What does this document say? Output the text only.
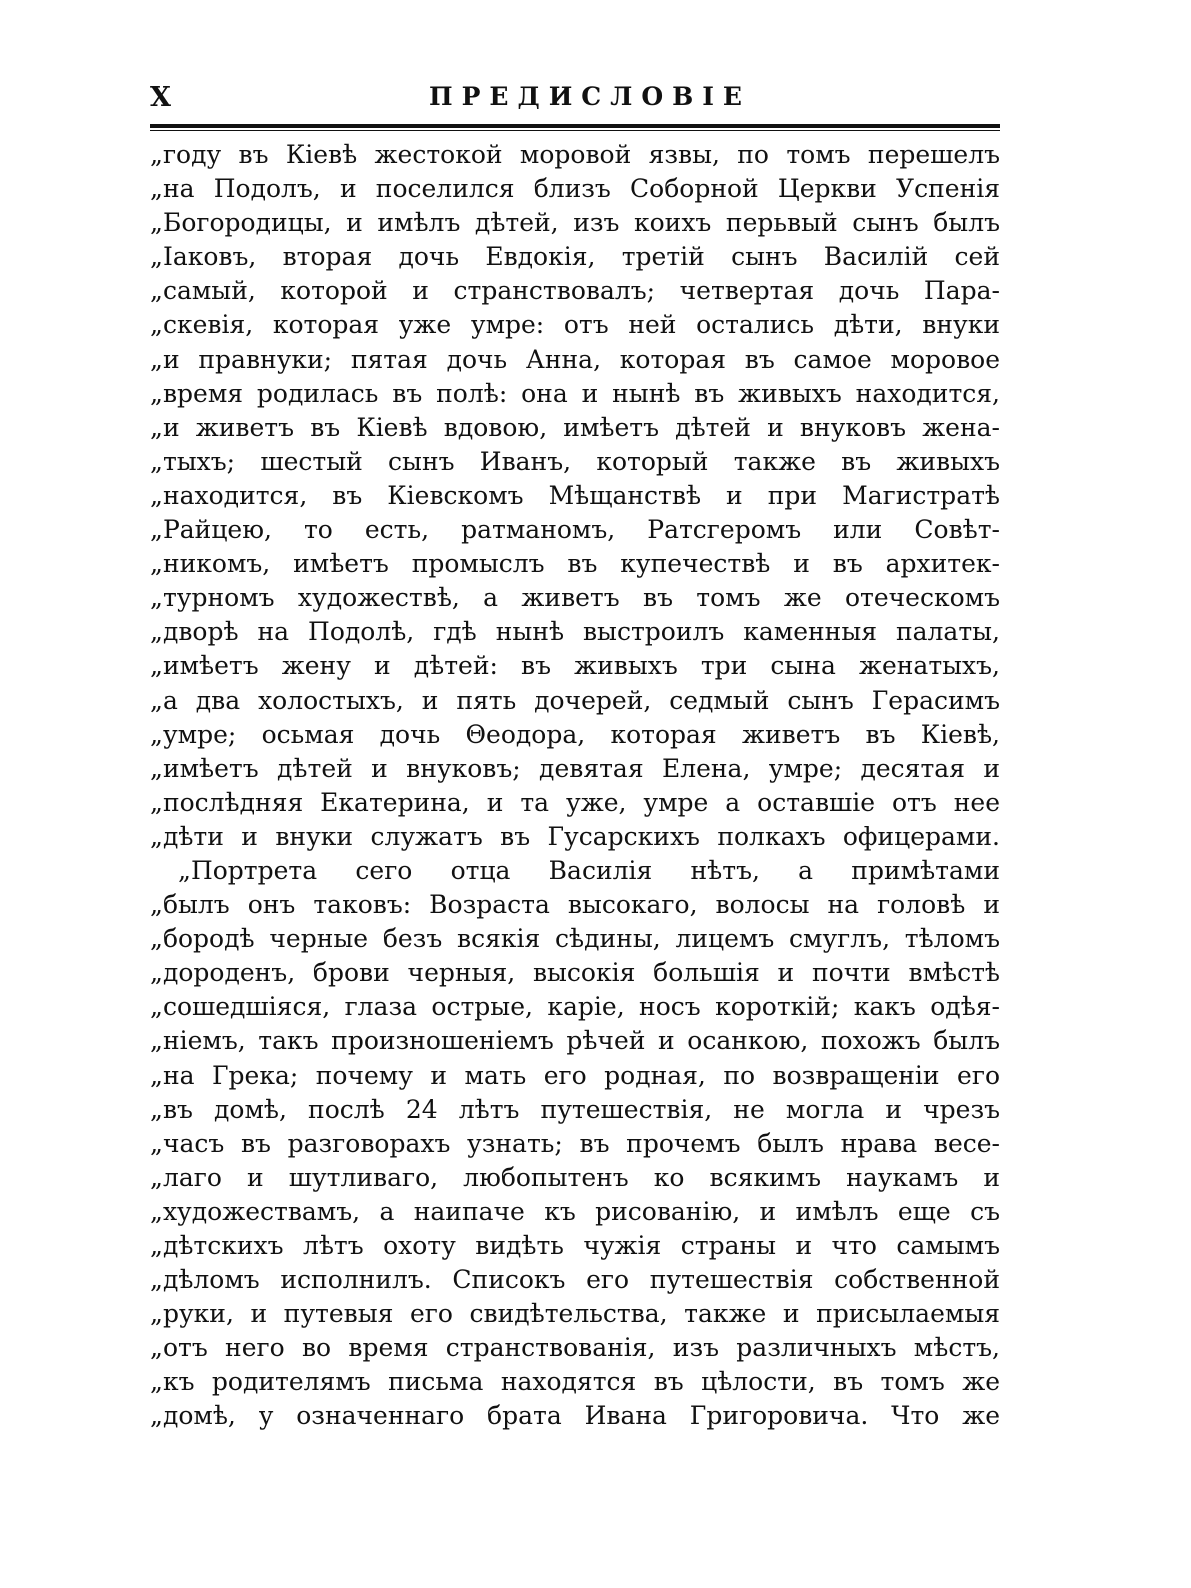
X	ПРЕДИСЛОВІЕ
„году въ Кіевѣ жестокой моровой язвы, по томъ перешелъ
„на Подолъ, и поселился близъ Соборной Церкви Успенія
„Богородицы, и имѣлъ дѣтей, изъ коихъ перьвый сынъ былъ
„Іаковъ, вторая дочь Евдокія, третій сынъ Василій сей
„самый, которой и странствовалъ; четвертая дочь Пара-
„скевія, которая уже умре: отъ ней остались дѣти, внуки
„и правнуки; пятая дочь Анна, которая въ самое моровое
„время родилась въ полѣ: она и нынѣ въ живыхъ находится,
„и живетъ въ Кіевѣ вдовою, имѣетъ дѣтей и внуковъ жена-
„тыхъ; шестый сынъ Иванъ, который также въ живыхъ
„находится, въ Кіевскомъ Мѣщанствѣ и при Магистратѣ
„Райцею, то есть, ратманомъ, Ратсгеромъ или Совѣт-
„никомъ, имѣетъ промыслъ въ купечествѣ и въ архитек-
„турномъ художествѣ, а живетъ въ томъ же отеческомъ
„дворѣ на Подолѣ, гдѣ нынѣ выстроилъ каменныя палаты,
„имѣетъ жену и дѣтей: въ живыхъ три сына женатыхъ,
„а два холостыхъ, и пять дочерей, седмый сынъ Герасимъ
„умре; осьмая дочь Θеодора, которая живетъ въ Кіевѣ,
„имѣетъ дѣтей и внуковъ; девятая Елена, умре; десятая и
„послѣдняя Екатерина, и та уже, умре а оставшіе отъ нее
„дѣти и внуки служатъ въ Гусарскихъ полкахъ офицерами.
„Портрета сего отца Василія нѣтъ, а примѣтами
„былъ онъ таковъ: Возраста высокаго, волосы на головѣ и
„бородѣ черные безъ всякія сѣдины, лицемъ смуглъ, тѣломъ
„дороденъ, брови черныя, высокія большія и почти вмѣстѣ
„сошедшіяся, глаза острые, каріе, носъ короткій; какъ одѣя-
„ніемъ, такъ произношеніемъ рѣчей и осанкою, похожъ былъ
„на Грека; почему и мать его родная, по возвращеніи его
„въ домѣ, послѣ 24 лѣтъ путешествія, не могла и чрезъ
„часъ въ разговорахъ узнать; въ прочемъ былъ нрава весе-
„лаго и шутливаго, любопытенъ ко всякимъ наукамъ и
„художествамъ, а наипаче къ рисованію, и имѣлъ еще съ
„дѣтскихъ лѣтъ охоту видѣть чужія страны и что самымъ
„дѣломъ исполнилъ. Списокъ его путешествія собственной
„руки, и путевыя его свидѣтельства, также и присылаемыя
„отъ него во время странствованія, изъ различныхъ мѣстъ,
„къ родителямъ письма находятся въ цѣлости, въ томъ же
„домѣ, у означеннаго брата Ивана Григоровича. Что же
